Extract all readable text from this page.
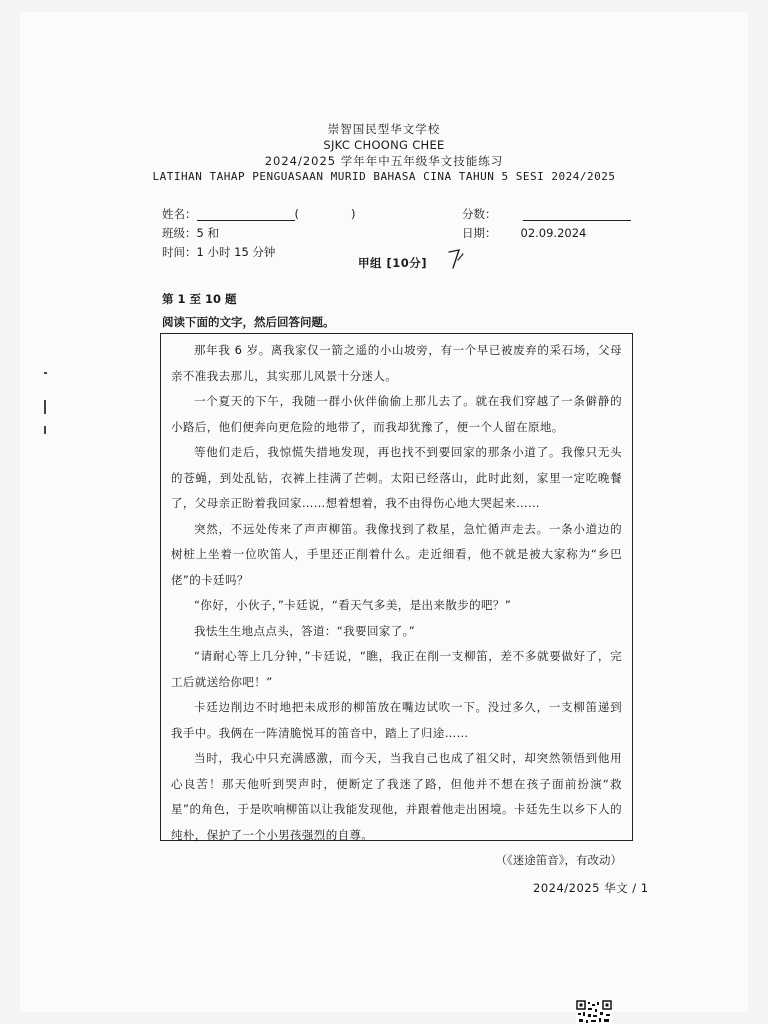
崇智国民型华文学校
SJKC CHOONG CHEE
2024/2025 学年年中五年级华文技能练习
LATIHAN TAHAP PENGUASAAN MURID BAHASA CINA TAHUN 5 SESI 2024/2025
姓名：	(	)
班级： 5 和
时间： 1 小时 15 分钟
分数：
日期： 02.09.2024
甲组 [10分]
第 1 至 10 题
阅读下面的文字，然后回答问题。

那年我 6 岁。离我家仅一箭之遥的小山坡旁，有一个早已被废弃的采石场，父母亲不准我去那儿，其实那儿风景十分迷人。

一个夏天的下午，我随一群小伙伴偷偷上那儿去了。就在我们穿越了一条僻静的小路后，他们便奔向更危险的地带了，而我却犹豫了，便一个人留在原地。

等他们走后，我惊慌失措地发现，再也找不到要回家的那条小道了。我像只无头的苍蝇，到处乱钻，衣裤上挂满了芒刺。太阳已经落山，此时此刻，家里一定吃晚餐了，父母亲正盼着我回家……想着想着，我不由得伤心地大哭起来……

突然，不远处传来了声声柳笛。我像找到了救星，急忙循声走去。一条小道边的树桩上坐着一位吹笛人，手里还正削着什么。走近细看，他不就是被大家称为“乡巴佬”的卡廷吗？

“你好，小伙子，”卡廷说，“看天气多美，是出来散步的吧？”

我怯生生地点点头，答道：“我要回家了。”

“请耐心等上几分钟，”卡廷说，“瞧，我正在削一支柳笛，差不多就要做好了，完工后就送给你吧！”

卡廷边削边不时地把未成形的柳笛放在嘴边试吹一下。没过多久，一支柳笛递到我手中。我俩在一阵清脆悦耳的笛音中，踏上了归途……

当时，我心中只充满感激，而今天，当我自己也成了祖父时，却突然领悟到他用心良苦！那天他听到哭声时，便断定了我迷了路，但他并不想在孩子面前扮演“救星”的角色，于是吹响柳笛以让我能发现他，并跟着他走出困境。卡廷先生以乡下人的纯朴，保护了一个小男孩强烈的自尊。

（《迷途笛音》，有改动）

2024/2025 华文 / 1
